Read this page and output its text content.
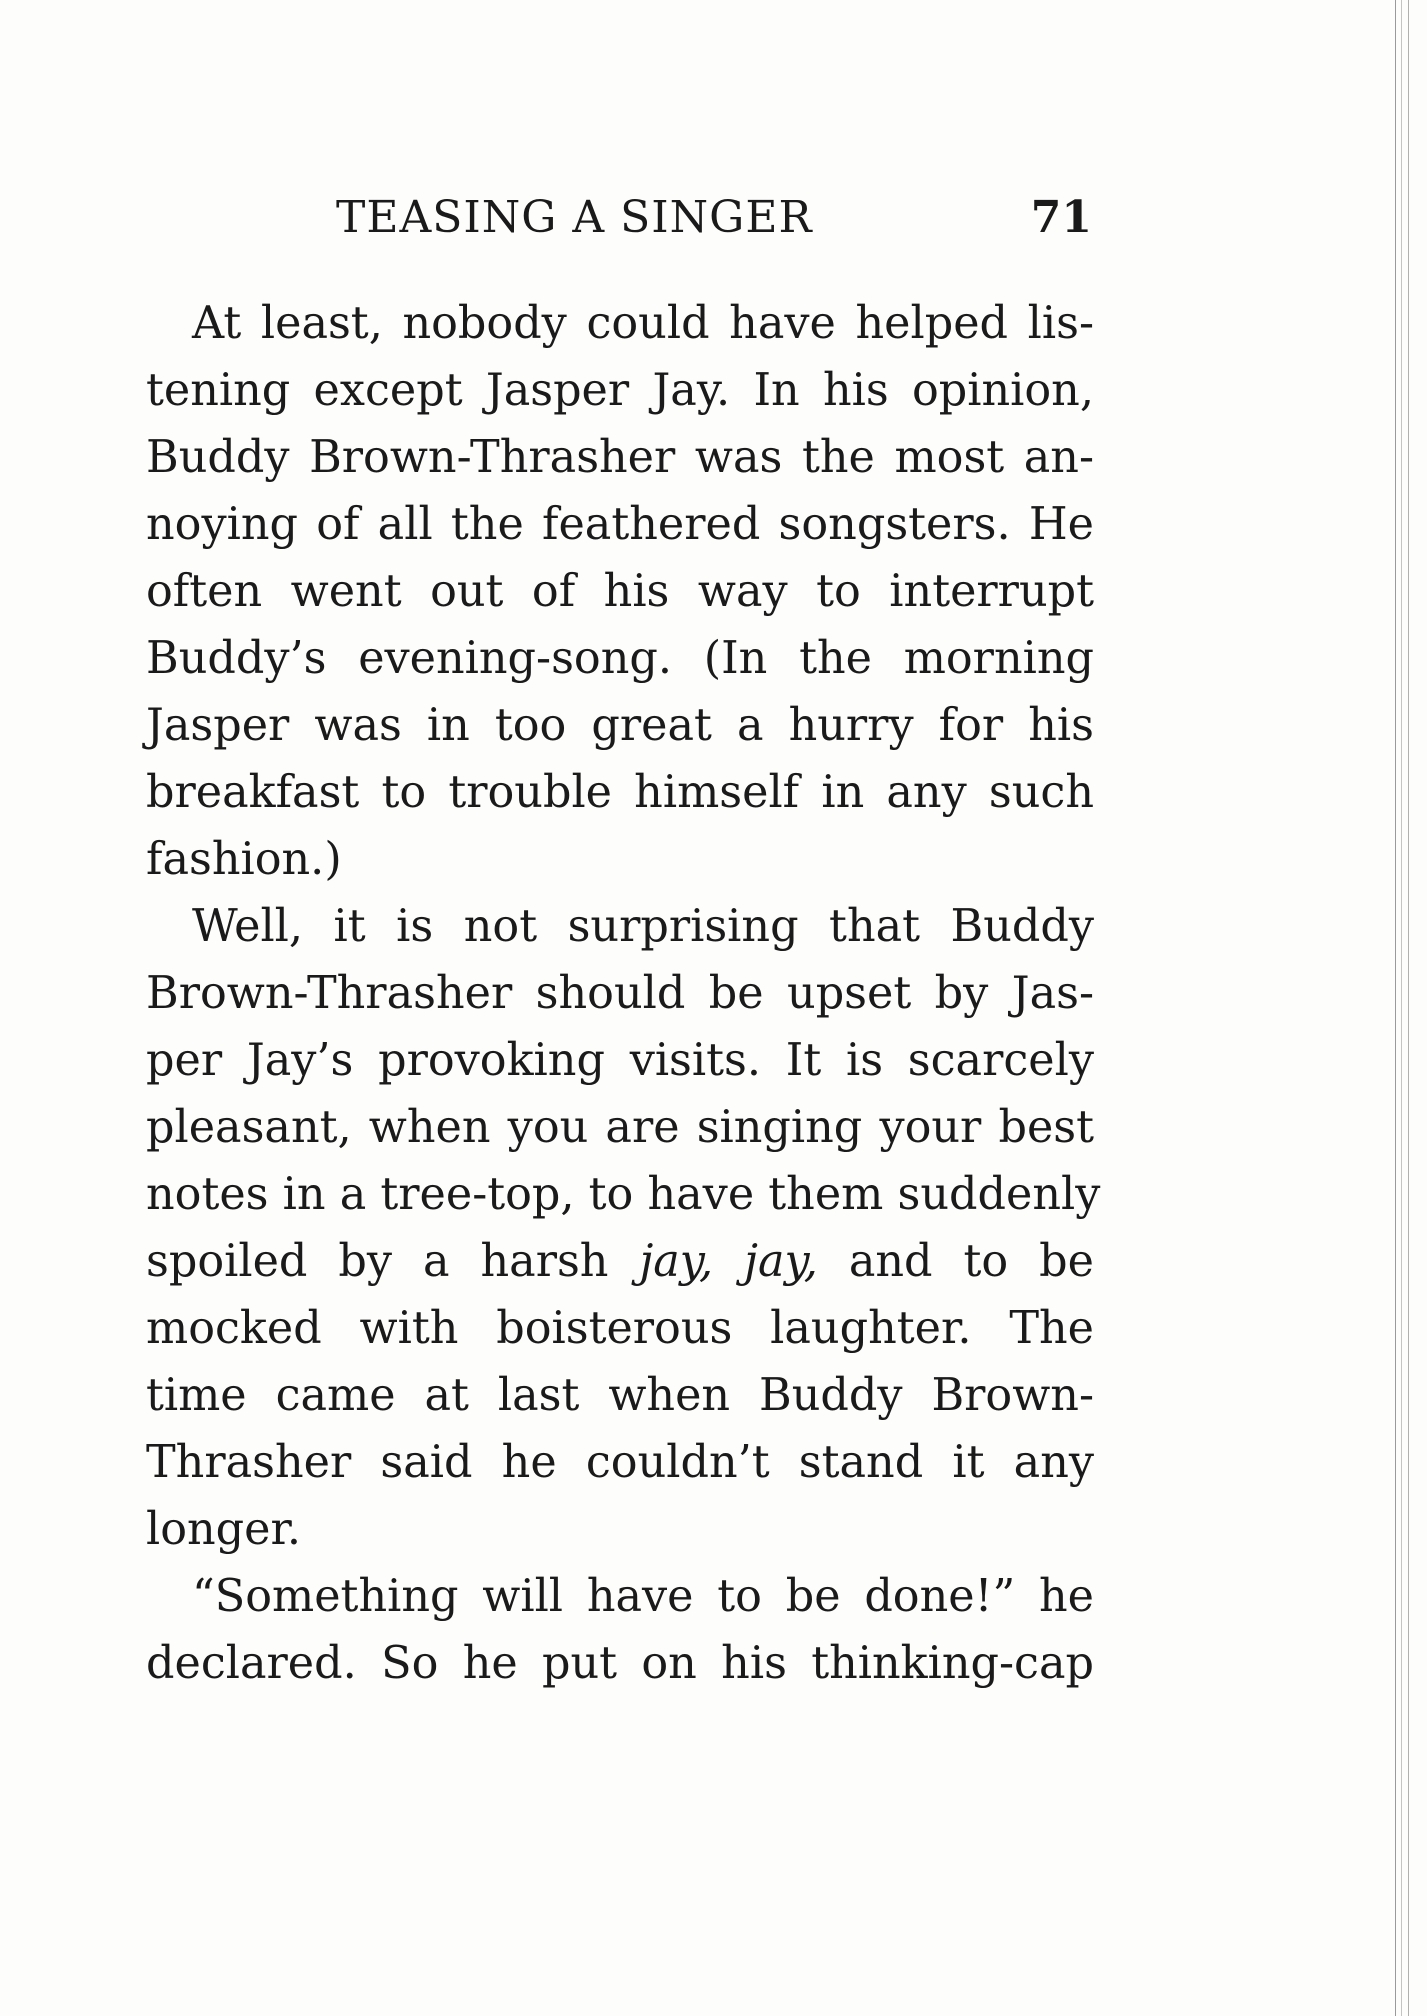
TEASING A SINGER	71
At least, nobody could have helped lis-
tening except Jasper Jay. In his opinion,
Buddy Brown-Thrasher was the most an-
noying of all the feathered songsters. He
often went out of his way to interrupt
Buddy’s evening-song. (In the morning
Jasper was in too great a hurry for his
breakfast to trouble himself in any such
fashion.)
Well, it is not surprising that Buddy
Brown-Thrasher should be upset by Jas-
per Jay’s provoking visits. It is scarcely
pleasant, when you are singing your best
notes in a tree-top, to have them suddenly
spoiled by a harsh jay, jay, and to be
mocked with boisterous laughter. The
time came at last when Buddy Brown-
Thrasher said he couldn’t stand it any
longer.
“Something will have to be done!” he
declared. So he put on his thinking-cap
